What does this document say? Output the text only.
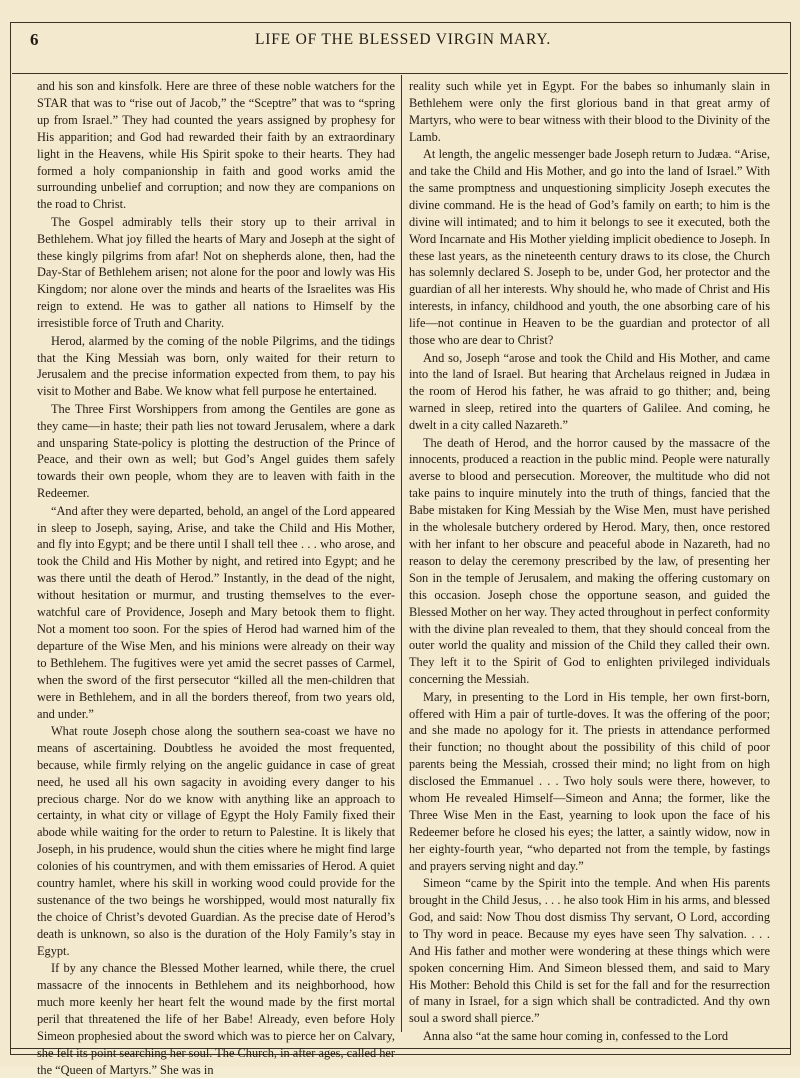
6	LIFE OF THE BLESSED VIRGIN MARY.

and his son and kinsfolk. Here are three of these noble watchers for the STAR that was to “rise out of Jacob,” the “Sceptre” that was to “spring up from Israel.” They had counted the years assigned by prophesy for His apparition; and God had rewarded their faith by an extraordinary light in the Heavens, while His Spirit spoke to their hearts. They had formed a holy companionship in faith and good works amid the surrounding unbelief and corruption; and now they are companions on the road to Christ.

The Gospel admirably tells their story up to their arrival in Bethlehem. What joy filled the hearts of Mary and Joseph at the sight of these kingly pilgrims from afar! Not on shepherds alone, then, had the Day-Star of Bethlehem arisen; not alone for the poor and lowly was His Kingdom; nor alone over the minds and hearts of the Israelites was His reign to extend. He was to gather all nations to Himself by the irresistible force of Truth and Charity.

Herod, alarmed by the coming of the noble Pilgrims, and the tidings that the King Messiah was born, only waited for their return to Jerusalem and the precise information expected from them, to pay his visit to Mother and Babe. We know what fell purpose he entertained.

The Three First Worshippers from among the Gentiles are gone as they came—in haste; their path lies not toward Jerusalem, where a dark and unsparing State-policy is plotting the destruction of the Prince of Peace, and their own as well; but God’s Angel guides them safely towards their own people, whom they are to leaven with faith in the Redeemer.

“And after they were departed, behold, an angel of the Lord appeared in sleep to Joseph, saying, Arise, and take the Child and His Mother, and fly into Egypt; and be there until I shall tell thee . . . who arose, and took the Child and His Mother by night, and retired into Egypt; and he was there until the death of Herod.” Instantly, in the dead of the night, without hesitation or murmur, and trusting themselves to the ever-watchful care of Providence, Joseph and Mary betook them to flight. Not a moment too soon. For the spies of Herod had warned him of the departure of the Wise Men, and his minions were already on their way to Bethlehem. The fugitives were yet amid the secret passes of Carmel, when the sword of the first persecutor “killed all the men-children that were in Bethlehem, and in all the borders thereof, from two years old, and under.”

What route Joseph chose along the southern sea-coast we have no means of ascertaining. Doubtless he avoided the most frequented, because, while firmly relying on the angelic guidance in case of great need, he used all his own sagacity in avoiding every danger to his precious charge. Nor do we know with anything like an approach to certainty, in what city or village of Egypt the Holy Family fixed their abode while waiting for the order to return to Palestine. It is likely that Joseph, in his prudence, would shun the cities where he might find large colonies of his countrymen, and with them emissaries of Herod. A quiet country hamlet, where his skill in working wood could provide for the sustenance of the two beings he worshipped, would most naturally fix the choice of Christ’s devoted Guardian. As the precise date of Herod’s death is unknown, so also is the duration of the Holy Family’s stay in Egypt.

If by any chance the Blessed Mother learned, while there, the cruel massacre of the innocents in Bethlehem and its neighborhood, how much more keenly her heart felt the wound made by the first mortal peril that threatened the life of her Babe! Already, even before Holy Simeon prophesied about the sword which was to pierce her on Calvary, she felt its point searching her soul. The Church, in after ages, called her the “Queen of Martyrs.” She was in

reality such while yet in Egypt. For the babes so inhumanly slain in Bethlehem were only the first glorious band in that great army of Martyrs, who were to bear witness with their blood to the Divinity of the Lamb.

At length, the angelic messenger bade Joseph return to Judæa. “Arise, and take the Child and His Mother, and go into the land of Israel.” With the same promptness and unquestioning simplicity Joseph executes the divine command. He is the head of God’s family on earth; to him is the divine will intimated; and to him it belongs to see it executed, both the Word Incarnate and His Mother yielding implicit obedience to Joseph. In these last years, as the nineteenth century draws to its close, the Church has solemnly declared S. Joseph to be, under God, her protector and the guardian of all her interests. Why should he, who made of Christ and His interests, in infancy, childhood and youth, the one absorbing care of his life—not continue in Heaven to be the guardian and protector of all those who are dear to Christ?

And so, Joseph “arose and took the Child and His Mother, and came into the land of Israel. But hearing that Archelaus reigned in Judæa in the room of Herod his father, he was afraid to go thither; and, being warned in sleep, retired into the quarters of Galilee. And coming, he dwelt in a city called Nazareth.”

The death of Herod, and the horror caused by the massacre of the innocents, produced a reaction in the public mind. People were naturally averse to blood and persecution. Moreover, the multitude who did not take pains to inquire minutely into the truth of things, fancied that the Babe mistaken for King Messiah by the Wise Men, must have perished in the wholesale butchery ordered by Herod. Mary, then, once restored with her infant to her obscure and peaceful abode in Nazareth, had no reason to delay the ceremony prescribed by the law, of presenting her Son in the temple of Jerusalem, and making the offering customary on this occasion. Joseph chose the opportune season, and guided the Blessed Mother on her way. They acted throughout in perfect conformity with the divine plan revealed to them, that they should conceal from the outer world the quality and mission of the Child they called their own. They left it to the Spirit of God to enlighten privileged individuals concerning the Messiah.

Mary, in presenting to the Lord in His temple, her own first-born, offered with Him a pair of turtle-doves. It was the offering of the poor; and she made no apology for it. The priests in attendance performed their function; no thought about the possibility of this child of poor parents being the Messiah, crossed their mind; no light from on high disclosed the Emmanuel . . . Two holy souls were there, however, to whom He revealed Himself—Simeon and Anna; the former, like the Three Wise Men in the East, yearning to look upon the face of his Redeemer before he closed his eyes; the latter, a saintly widow, now in her eighty-fourth year, “who departed not from the temple, by fastings and prayers serving night and day.”

Simeon “came by the Spirit into the temple. And when His parents brought in the Child Jesus, . . . he also took Him in his arms, and blessed God, and said: Now Thou dost dismiss Thy servant, O Lord, according to Thy word in peace. Because my eyes have seen Thy salvation. . . . And His father and mother were wondering at these things which were spoken concerning Him. And Simeon blessed them, and said to Mary His Mother: Behold this Child is set for the fall and for the resurrection of many in Israel, for a sign which shall be contradicted. And thy own soul a sword shall pierce.”

Anna also “at the same hour coming in, confessed to the Lord
